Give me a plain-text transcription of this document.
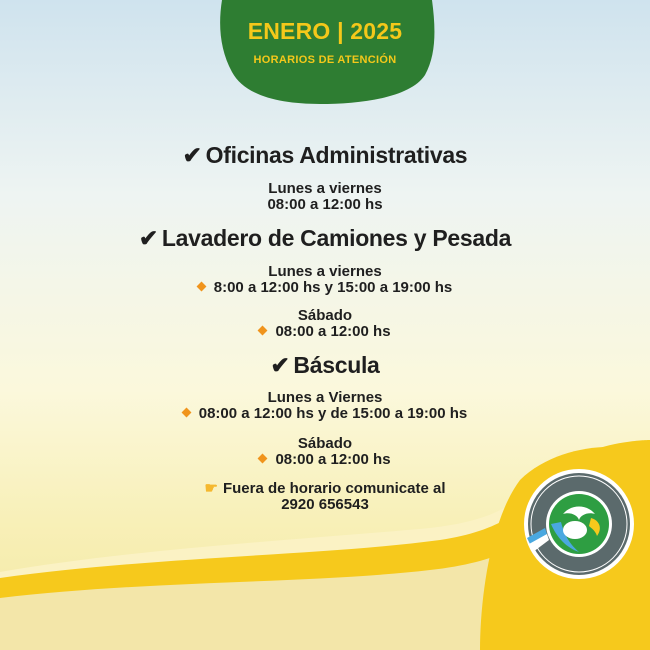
ENERO | 2025
HORARIOS DE ATENCIÓN
✔ Oficinas Administrativas
Lunes a viernes
08:00 a 12:00 hs
✔ Lavadero de Camiones y Pesada
Lunes a viernes
8:00 a 12:00 hs y 15:00 a 19:00 hs
Sábado
08:00 a 12:00 hs
✔ Báscula
Lunes a Viernes
08:00 a 12:00 hs y de 15:00 a 19:00 hs
Sábado
08:00 a 12:00 hs
☛ Fuera de horario comunicate al
2920 656543
